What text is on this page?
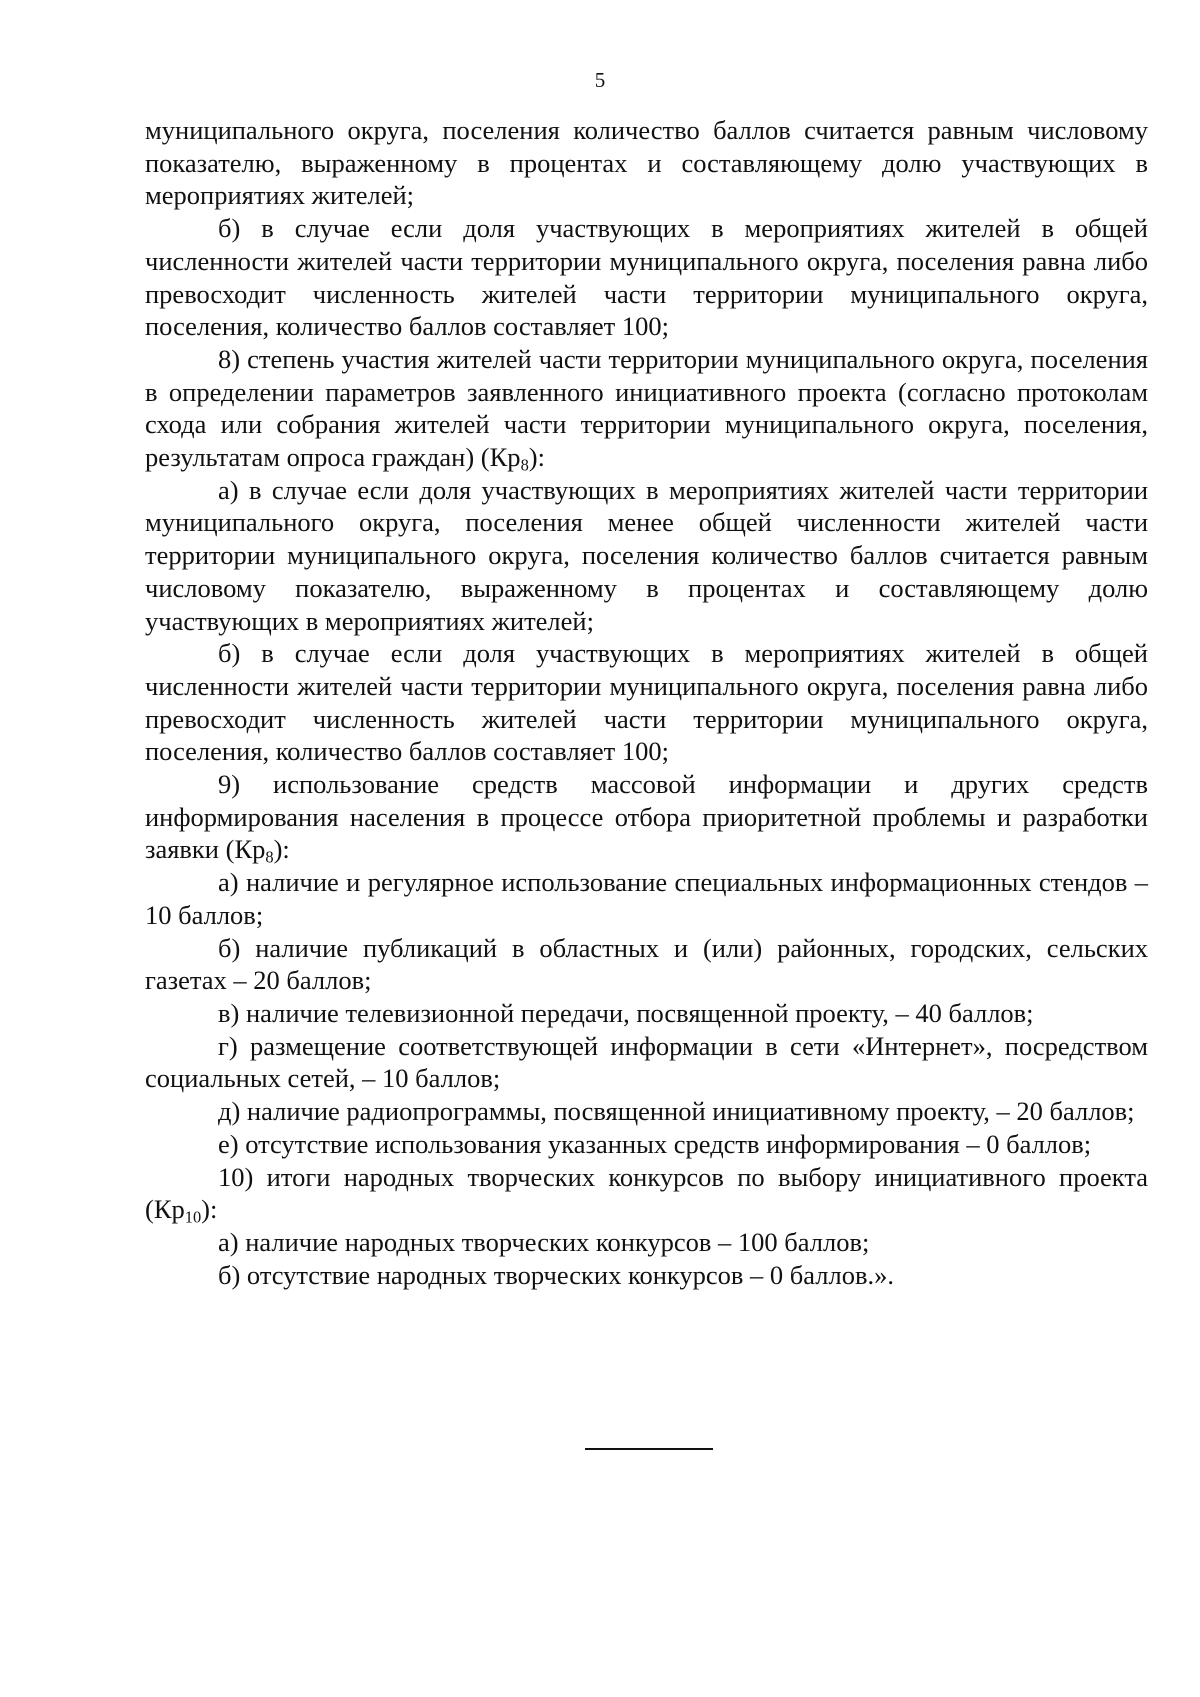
5

муниципального округа, поселения количество баллов считается равным числовому показателю, выраженному в процентах и составляющему долю участвующих в мероприятиях жителей;

б) в случае если доля участвующих в мероприятиях жителей в общей численности жителей части территории муниципального округа, поселения равна либо превосходит численность жителей части территории муниципального округа, поселения, количество баллов составляет 100;

8) степень участия жителей части территории муниципального округа, поселения в определении параметров заявленного инициативного проекта (согласно протоколам схода или собрания жителей части территории муниципального округа, поселения, результатам опроса граждан) $(Кр_8)$:

а) в случае если доля участвующих в мероприятиях жителей части территории муниципального округа, поселения менее общей численности жителей части территории муниципального округа, поселения количество баллов считается равным числовому показателю, выраженному в процентах и составляющему долю участвующих в мероприятиях жителей;

б) в случае если доля участвующих в мероприятиях жителей в общей численности жителей части территории муниципального округа, поселения равна либо превосходит численность жителей части территории муниципального округа, поселения, количество баллов составляет 100;

9) использование средств массовой информации и других средств информирования населения в процессе отбора приоритетной проблемы и разработки заявки $(Кр_8)$:

а) наличие и регулярное использование специальных информационных стендов – 10 баллов;

б) наличие публикаций в областных и (или) районных, городских, сельских газетах – 20 баллов;

в) наличие телевизионной передачи, посвященной проекту, – 40 баллов;

г) размещение соответствующей информации в сети «Интернет», посредством социальных сетей, – 10 баллов;

д) наличие радиопрограммы, посвященной инициативному проекту, – 20 баллов;

е) отсутствие использования указанных средств информирования – 0 баллов;

10) итоги народных творческих конкурсов по выбору инициативного проекта $(Кр_{10})$:

а) наличие народных творческих конкурсов – 100 баллов;

б) отсутствие народных творческих конкурсов – 0 баллов.».
